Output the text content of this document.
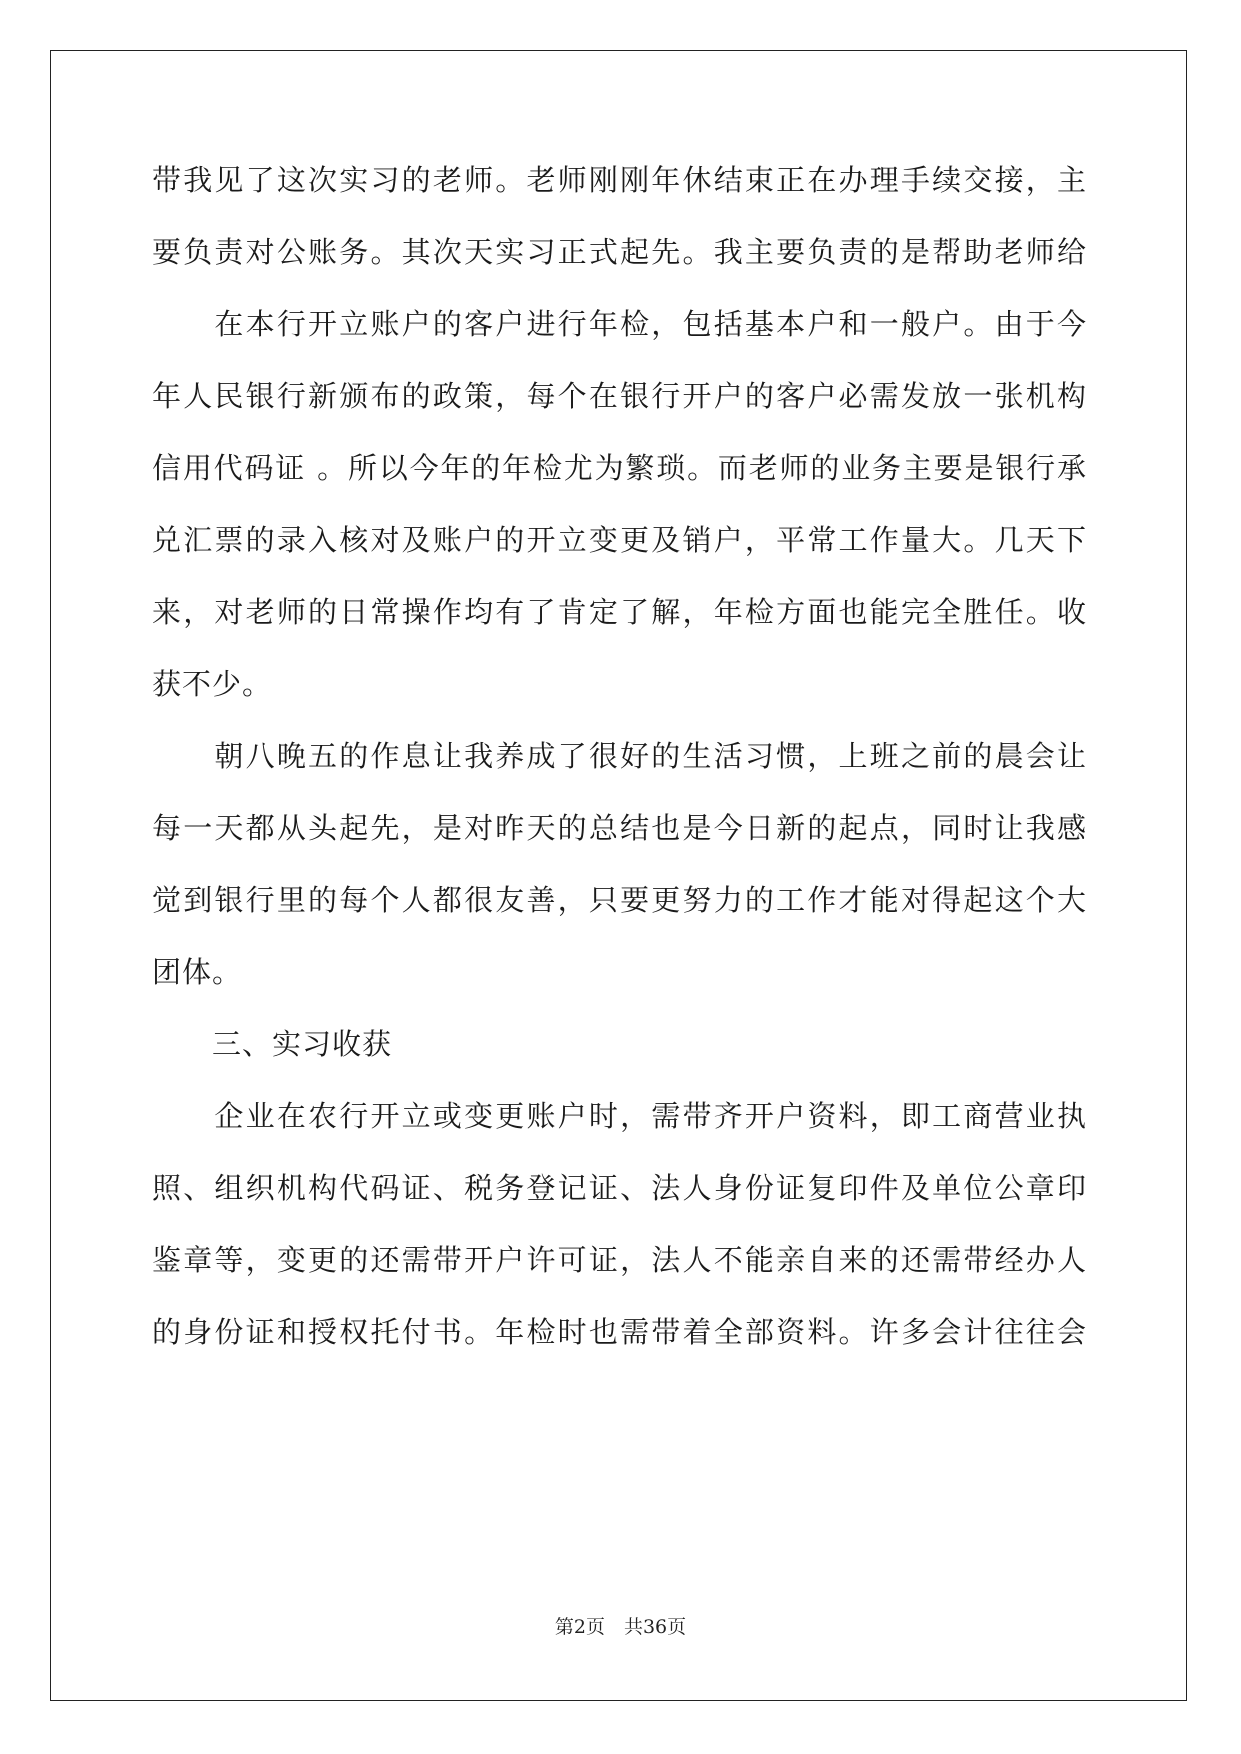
带我见了这次实习的老师。老师刚刚年休结束正在办理手续交接，主
要负责对公账务。其次天实习正式起先。我主要负责的是帮助老师给
　　在本行开立账户的客户进行年检，包括基本户和一般户。由于今
年人民银行新颁布的政策，每个在银行开户的客户必需发放一张机构
信用代码证 。所以今年的年检尤为繁琐。而老师的业务主要是银行承
兑汇票的录入核对及账户的开立变更及销户，平常工作量大。几天下
来，对老师的日常操作均有了肯定了解，年检方面也能完全胜任。收
获不少。
　　朝八晚五的作息让我养成了很好的生活习惯，上班之前的晨会让
每一天都从头起先，是对昨天的总结也是今日新的起点，同时让我感
觉到银行里的每个人都很友善，只要更努力的工作才能对得起这个大
团体。
　　三、实习收获
　　企业在农行开立或变更账户时，需带齐开户资料，即工商营业执
照、组织机构代码证、税务登记证、法人身份证复印件及单位公章印
鉴章等，变更的还需带开户许可证，法人不能亲自来的还需带经办人
的身份证和授权托付书。年检时也需带着全部资料。许多会计往往会
第2页　共36页
